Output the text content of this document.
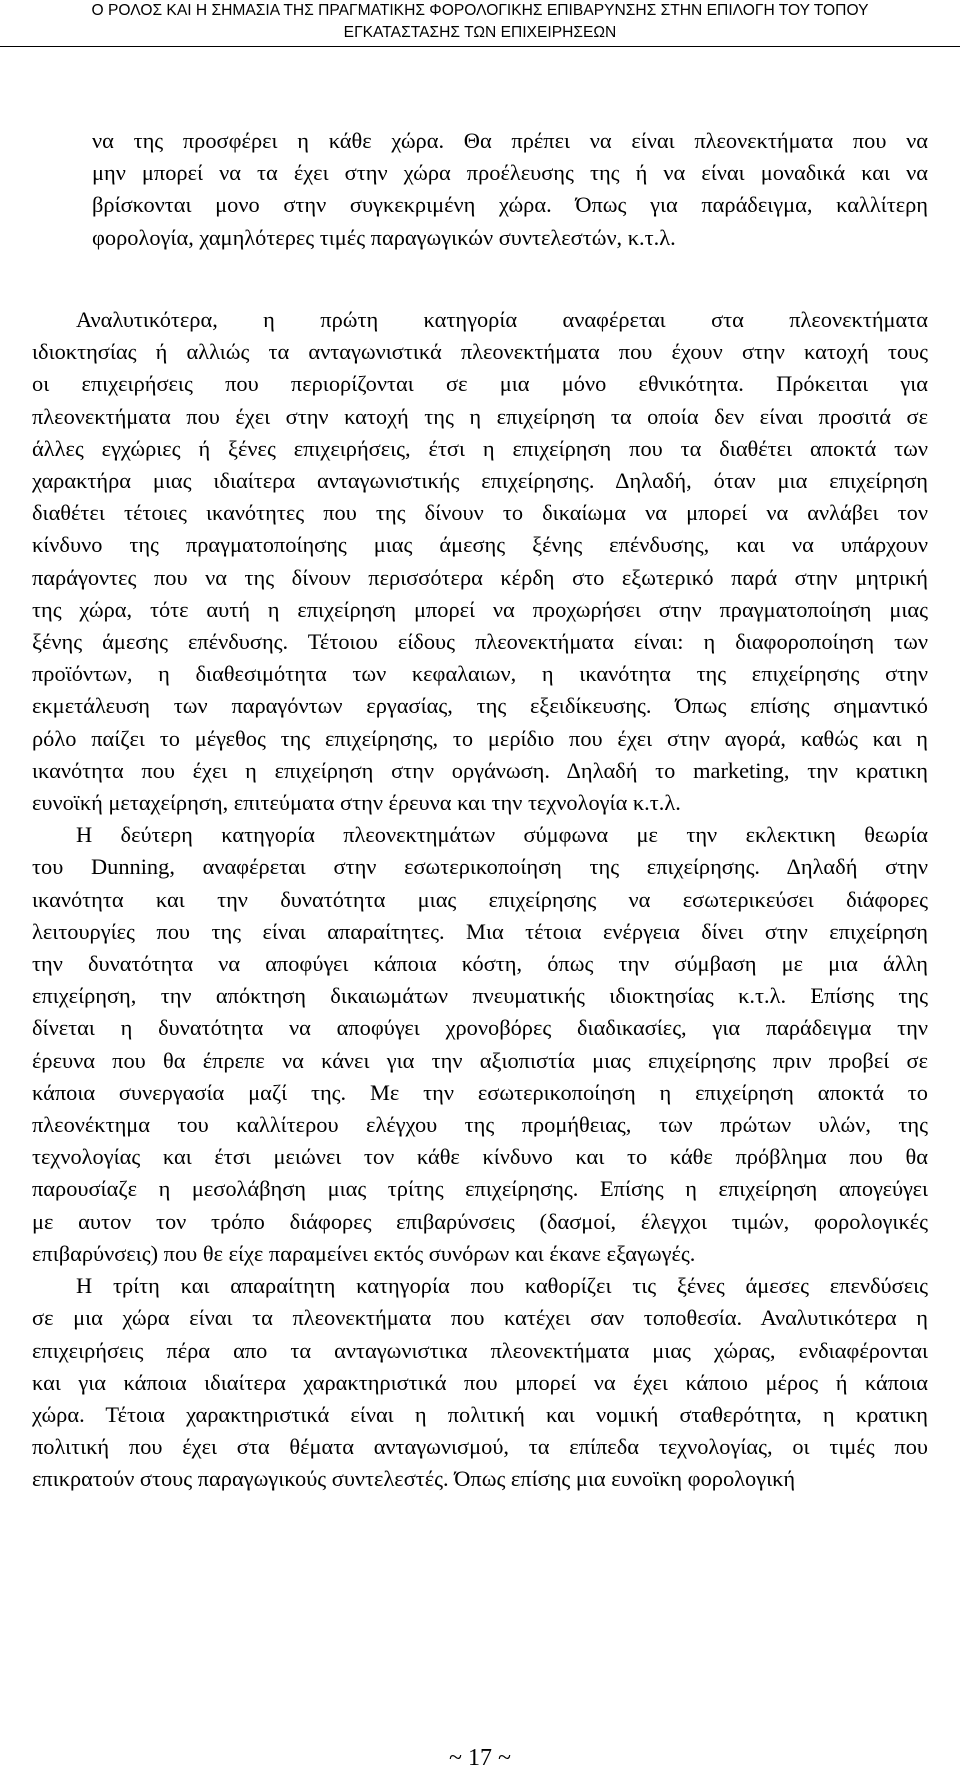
Ο ΡΟΛΟΣ ΚΑΙ Η ΣΗΜΑΣΙΑ ΤΗΣ ΠΡΑΓΜΑΤΙΚΗΣ ΦΟΡΟΛΟΓΙΚΗΣ ΕΠΙΒΑΡΥΝΣΗΣ ΣΤΗΝ ΕΠΙΛΟΓΗ ΤΟΥ ΤΟΠΟΥ
ΕΓΚΑΤΑΣΤΑΣΗΣ ΤΩΝ ΕΠΙΧΕΙΡΗΣΕΩΝ
να της προσφέρει η κάθε χώρα. Θα πρέπει να είναι πλεονεκτήματα που να
μην μπορεί να τα έχει στην χώρα προέλευσης της ή να είναι μοναδικά και να
βρίσκονται μονο στην συγκεκριμένη χώρα. Όπως για παράδειγμα, καλλίτερη
φορολογία, χαμηλότερες τιμές παραγωγικών συντελεστών, κ.τ.λ.
Αναλυτικότερα, η πρώτη κατηγορία αναφέρεται στα πλεονεκτήματα
ιδιοκτησίας ή αλλιώς τα ανταγωνιστικά πλεονεκτήματα που έχουν στην κατοχή τους
οι επιχειρήσεις που περιορίζονται σε μια μόνο εθνικότητα. Πρόκειται για
πλεονεκτήματα που έχει στην κατοχή της η επιχείρηση τα οποία δεν είναι προσιτά σε
άλλες εγχώριες ή ξένες επιχειρήσεις, έτσι η επιχείρηση που τα διαθέτει αποκτά των
χαρακτήρα μιας ιδιαίτερα ανταγωνιστικής επιχείρησης. Δηλαδή, όταν μια επιχείρηση
διαθέτει τέτοιες ικανότητες που της δίνουν το δικαίωμα να μπορεί να ανλάβει τον
κίνδυνο της πραγματοποίησης μιας άμεσης ξένης επένδυσης, και να υπάρχουν
παράγοντες που να της δίνουν περισσότερα κέρδη στο εξωτερικό παρά στην μητρική
της χώρα, τότε αυτή η επιχείρηση μπορεί να προχωρήσει στην πραγματοποίηση μιας
ξένης άμεσης επένδυσης. Τέτοιου είδους πλεονεκτήματα είναι: η διαφοροποίηση των
προϊόντων, η διαθεσιμότητα των κεφαλαιων, η ικανότητα της επιχείρησης στην
εκμετάλευση των παραγόντων εργασίας, της εξειδίκευσης. Όπως επίσης σημαντικό
ρόλο παίζει το μέγεθος της επιχείρησης, το μερίδιο που έχει στην αγορά, καθώς και η
ικανότητα που έχει η επιχείρηση στην οργάνωση. Δηλαδή το marketing, την κρατικη
ευνοϊκή μεταχείρηση, επιτεύματα στην έρευνα και την τεχνολογία κ.τ.λ.
Η δεύτερη κατηγορία πλεονεκτημάτων σύμφωνα με την εκλεκτικη θεωρία
του Dunning, αναφέρεται στην εσωτερικοποίηση της επιχείρησης. Δηλαδή στην
ικανότητα και την δυνατότητα μιας επιχείρησης να εσωτερικεύσει διάφορες
λειτουργίες που της είναι απαραίτητες. Μια τέτοια ενέργεια δίνει στην επιχείρηση
την δυνατότητα να αποφύγει κάποια κόστη, όπως την σύμβαση με μια άλλη
επιχείρηση, την απόκτηση δικαιωμάτων πνευματικής ιδιοκτησίας κ.τ.λ. Επίσης της
δίνεται η δυνατότητα να αποφύγει χρονοβόρες διαδικασίες, για παράδειγμα την
έρευνα που θα έπρεπε να κάνει για την αξιοπιστία μιας επιχείρησης πριν προβεί σε
κάποια συνεργασία μαζί της. Με την εσωτερικοποίηση η επιχείρηση αποκτά το
πλεονέκτημα του καλλίτερου ελέγχου της προμήθειας, των πρώτων υλών, της
τεχνολογίας και έτσι μειώνει τον κάθε κίνδυνο και το κάθε πρόβλημα που θα
παρουσίαζε η μεσολάβηση μιας τρίτης επιχείρησης. Επίσης η επιχείρηση απογεύγει
με αυτον τον τρόπο διάφορες επιβαρύνσεις (δασμοί, έλεγχοι τιμών, φορολογικές
επιβαρύνσεις) που θε είχε παραμείνει εκτός συνόρων και έκανε εξαγωγές.
Η τρίτη και απαραίτητη κατηγορία που καθορίζει τις ξένες άμεσες επενδύσεις
σε μια χώρα είναι τα πλεονεκτήματα που κατέχει σαν τοποθεσία. Αναλυτικότερα η
επιχειρήσεις πέρα απο τα ανταγωνιστικα πλεονεκτήματα μιας χώρας, ενδιαφέρονται
και για κάποια ιδιαίτερα χαρακτηριστικά που μπορεί να έχει κάποιο μέρος ή κάποια
χώρα. Τέτοια χαρακτηριστικά είναι η πολιτική και νομική σταθερότητα, η κρατικη
πολιτική που έχει στα θέματα ανταγωνισμού, τα επίπεδα τεχνολογίας, οι τιμές που
επικρατούν στους παραγωγικούς συντελεστές. Όπως επίσης μια ευνοϊκη φορολογική
~ 17 ~
